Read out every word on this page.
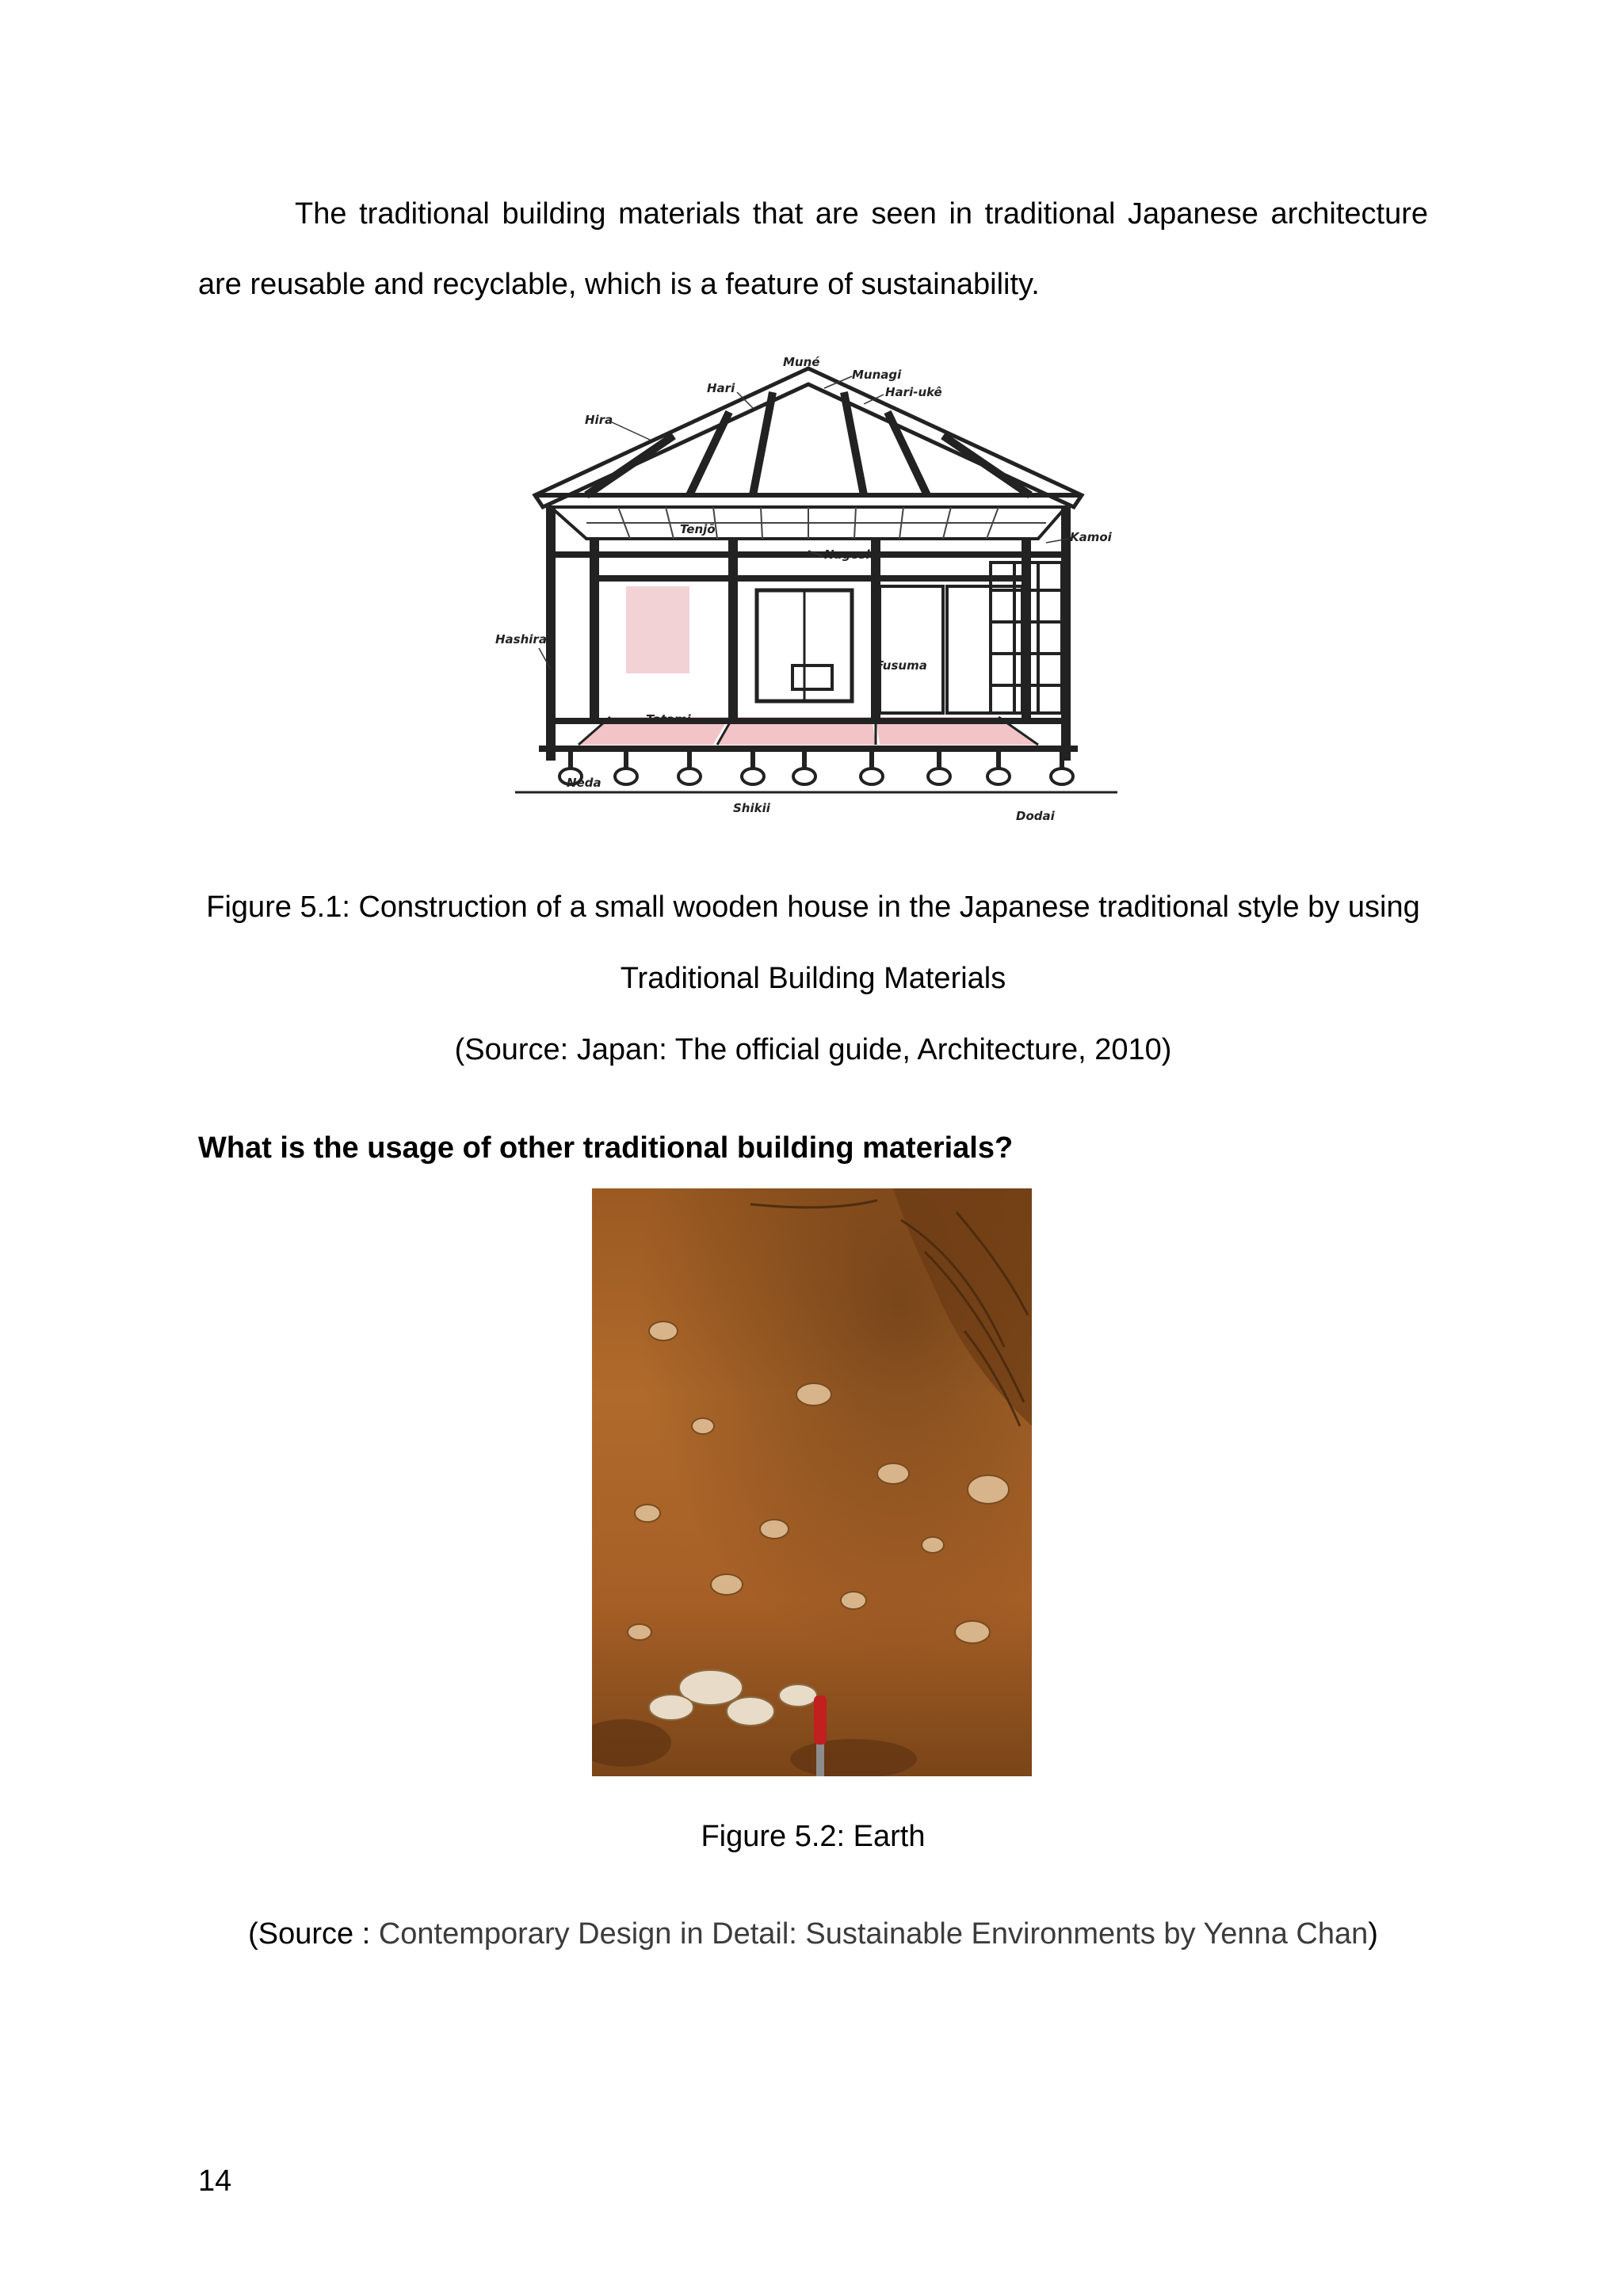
The traditional building materials that are seen in traditional Japanese architecture are reusable and recyclable, which is a feature of sustainability.

Muné
Hari
Munagi
Hari-ukê
Hira
Tenjō
Kamoi
Nageshi
Hashira
Fusuma
Tatami
Neda
Shikii
Dodai

Figure 5.1: Construction of a small wooden house in the Japanese traditional style by using

Traditional Building Materials

(Source: Japan: The official guide, Architecture, 2010)

What is the usage of other traditional building materials?

Figure 5.2: Earth

(Source : Contemporary Design in Detail: Sustainable Environments by Yenna Chan)

14
